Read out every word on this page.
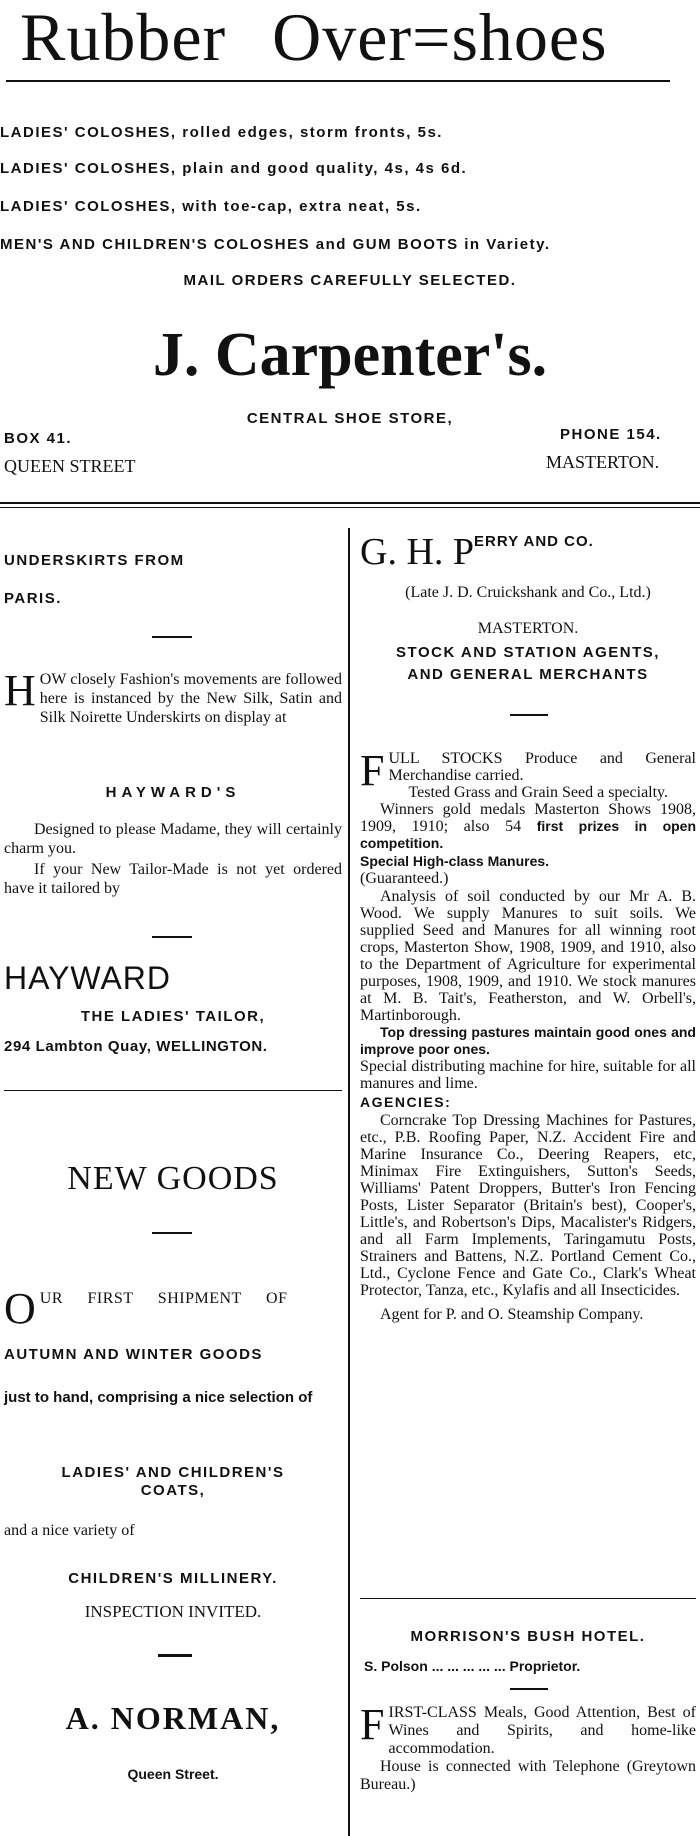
Rubber Over=shoes
LADIES' COLOSHES, rolled edges, storm fronts, 5s.
LADIES' COLOSHES, plain and good quality, 4s, 4s 6d.
LADIES' COLOSHES, with toe-cap, extra neat, 5s.
MEN'S AND CHILDREN'S COLOSHES and GUM BOOTS in Variety.
MAIL ORDERS CAREFULLY SELECTED.
J. Carpenter's.
CENTRAL SHOE STORE,
BOX 41.
QUEEN STREET
PHONE 154.
MASTERTON.
UNDERSKIRTS FROM
PARIS.

HOW closely Fashion's movements are followed here is instanced by the New Silk, Satin and Silk Noirette Underskirts on display at

HAYWARD'S

Designed to please Madame, they will certainly charm you.

If your New Tailor-Made is not yet ordered have it tailored by

HAYWARD
THE LADIES' TAILOR,
294 Lambton Quay, WELLINGTON.
NEW GOODS
OUR FIRST SHIPMENT OF
AUTUMN AND WINTER GOODS
just to hand, comprising a nice selection of
LADIES' AND CHILDREN'S
COATS,
and a nice variety of
CHILDREN'S MILLINERY.
INSPECTION INVITED.
A. NORMAN,
Queen Street.
G. H. PERRY AND CO.
(Late J. D. Cruickshank and Co., Ltd.)
MASTERTON.
STOCK AND STATION AGENTS,
AND GENERAL MERCHANTS

FULL STOCKS Produce and General Merchandise carried.

Tested Grass and Grain Seed a specialty.

Winners gold medals Masterton Shows 1908, 1909, 1910; also 54 first prizes in open competition.

Special High-class Manures.

(Guaranteed.)

Analysis of soil conducted by our Mr A. B. Wood. We supply Manures to suit soils. We supplied Seed and Manures for all winning root crops, Masterton Show, 1908, 1909, and 1910, also to the Department of Agriculture for experimental purposes, 1908, 1909, and 1910. We stock manures at M. B. Tait's, Featherston, and W. Orbell's, Martinborough.

Top dressing pastures maintain good ones and improve poor ones.

Special distributing machine for hire, suitable for all manures and lime.

AGENCIES:

Corncrake Top Dressing Machines for Pastures, etc., P.B. Roofing Paper, N.Z. Accident Fire and Marine Insurance Co., Deering Reapers, etc, Minimax Fire Extinguishers, Sutton's Seeds, Williams' Patent Droppers, Butter's Iron Fencing Posts, Lister Separator (Britain's best), Cooper's, Little's, and Robertson's Dips, Macalister's Ridgers, and all Farm Implements, Taringamutu Posts, Strainers and Battens, N.Z. Portland Cement Co., Ltd., Cyclone Fence and Gate Co., Clark's Wheat Protector, Tanza, etc., Kylafis and all Insecticides.

Agent for P. and O. Steamship Company.

MORRISON'S BUSH HOTEL.
S. Polson ... ... ... ... ... Proprietor.

FIRST-CLASS Meals, Good Attention, Best of Wines and Spirits, and home-like accommodation.

House is connected with Telephone (Greytown Bureau.)
